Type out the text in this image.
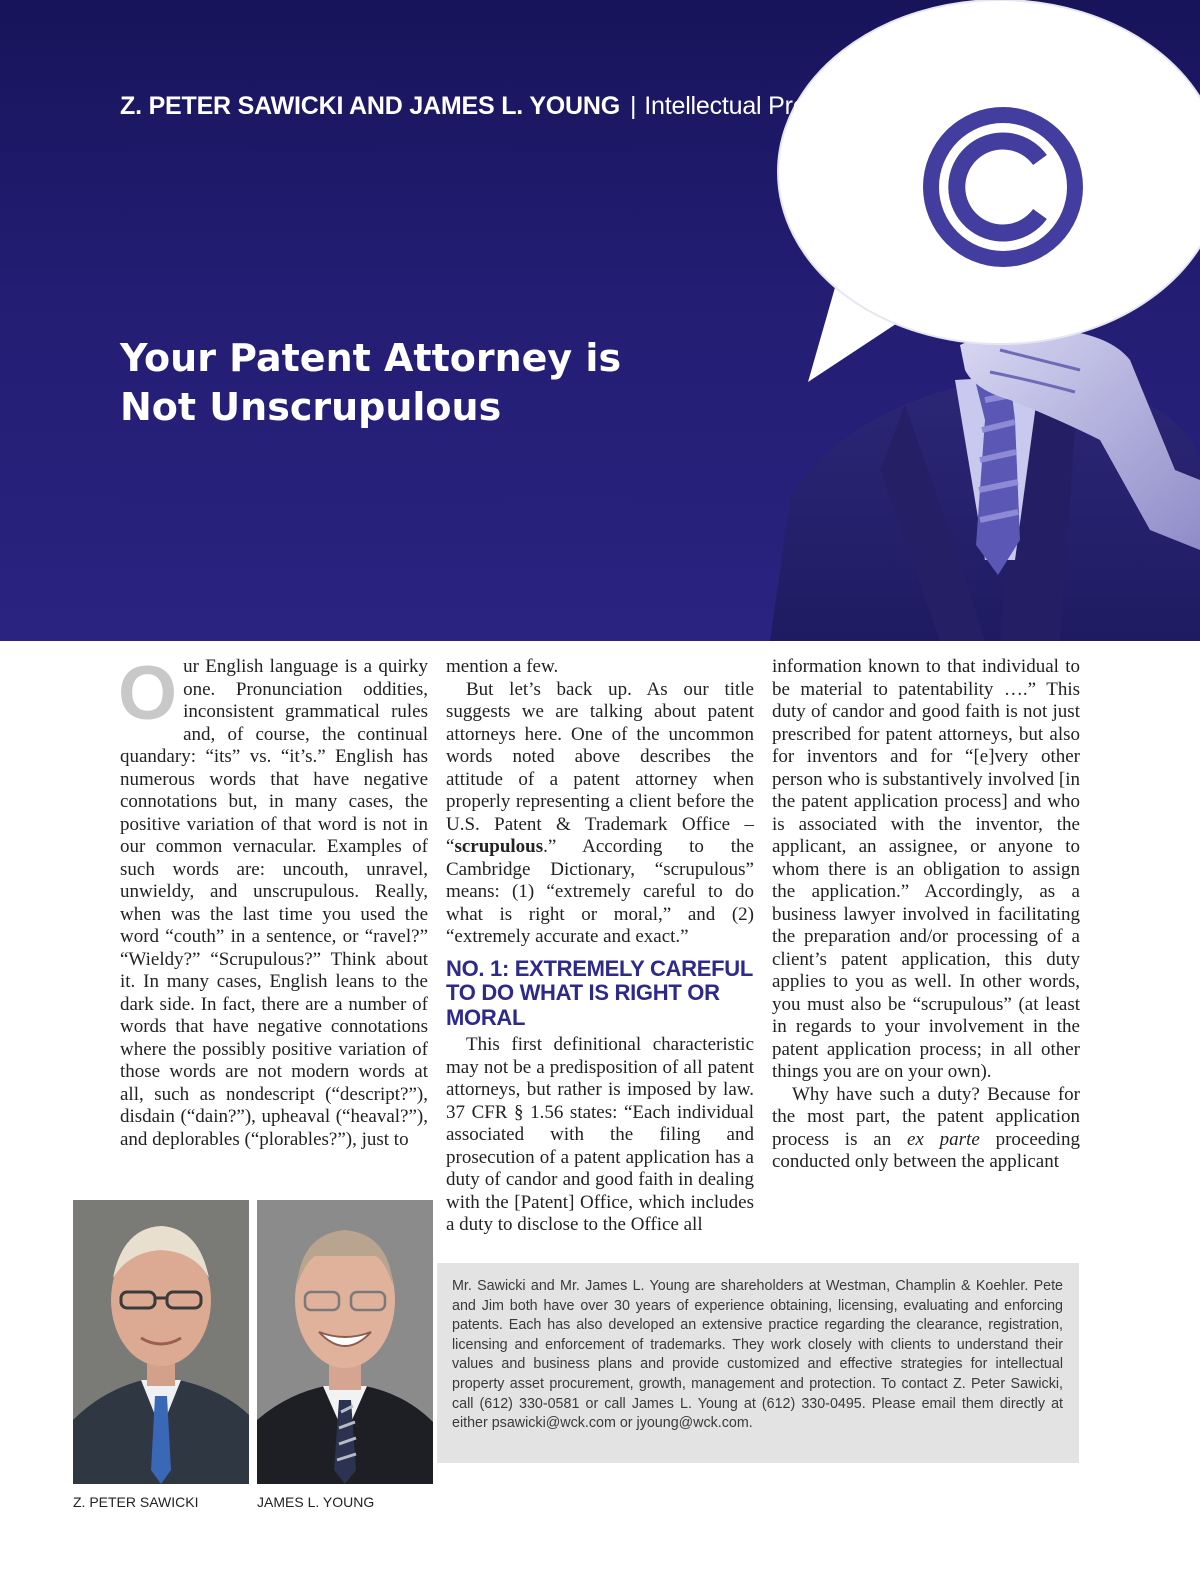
Z. PETER SAWICKI AND JAMES L. YOUNG | Intellectual Property
Your Patent Attorney is
Not Unscrupulous

Our English language is a quirky one. Pronunciation oddities, inconsistent grammatical rules and, of course, the continual quandary: “its” vs. “it’s.” English has numerous words that have negative connotations but, in many cases, the positive variation of that word is not in our common vernacular. Examples of such words are: uncouth, unravel, unwieldy, and unscrupulous. Really, when was the last time you used the word “couth” in a sentence, or “ravel?” “Wieldy?” “Scrupulous?” Think about it. In many cases, English leans to the dark side. In fact, there are a number of words that have negative connotations where the possibly positive variation of those words are not modern words at all, such as nondescript (“descript?”), disdain (“dain?”), upheaval (“heaval?”), and deplorables (“plorables?”), just to

mention a few.

But let’s back up. As our title suggests we are talking about patent attorneys here. One of the uncommon words noted above describes the attitude of a patent attorney when properly representing a client before the U.S. Patent & Trademark Office – “scrupulous.” According to the Cambridge Dictionary, “scrupulous” means: (1) “extremely careful to do what is right or moral,” and (2) “extremely accurate and exact.”

NO. 1: EXTREMELY CAREFUL TO DO WHAT IS RIGHT OR MORAL

This first definitional characteristic may not be a predisposition of all patent attorneys, but rather is imposed by law. 37 CFR § 1.56 states: “Each individual associated with the filing and prosecution of a patent application has a duty of candor and good faith in dealing with the [Patent] Office, which includes a duty to disclose to the Office all

information known to that individual to be material to patentability ….” This duty of candor and good faith is not just prescribed for patent attorneys, but also for inventors and for “[e]very other person who is substantively involved [in the patent application process] and who is associated with the inventor, the applicant, an assignee, or anyone to whom there is an obligation to assign the application.” Accordingly, as a business lawyer involved in facilitating the preparation and/or processing of a client’s patent application, this duty applies to you as well. In other words, you must also be “scrupulous” (at least in regards to your involvement in the patent application process; in all other things you are on your own).

Why have such a duty? Because for the most part, the patent application process is an ex parte proceeding conducted only between the applicant

Z. PETER SAWICKI	JAMES L. YOUNG

Mr. Sawicki and Mr. James L. Young are shareholders at Westman, Champlin & Koehler. Pete and Jim both have over 30 years of experience obtaining, licensing, evaluating and enforcing patents. Each has also developed an extensive practice regarding the clearance, registration, licensing and enforcement of trademarks. They work closely with clients to understand their values and business plans and provide customized and effective strategies for intellectual property asset procurement, growth, management and protection. To contact Z. Peter Sawicki, call (612) 330-0581 or call James L. Young at (612) 330-0495. Please email them directly at either psawicki@wck.com or jyoung@wck.com.
